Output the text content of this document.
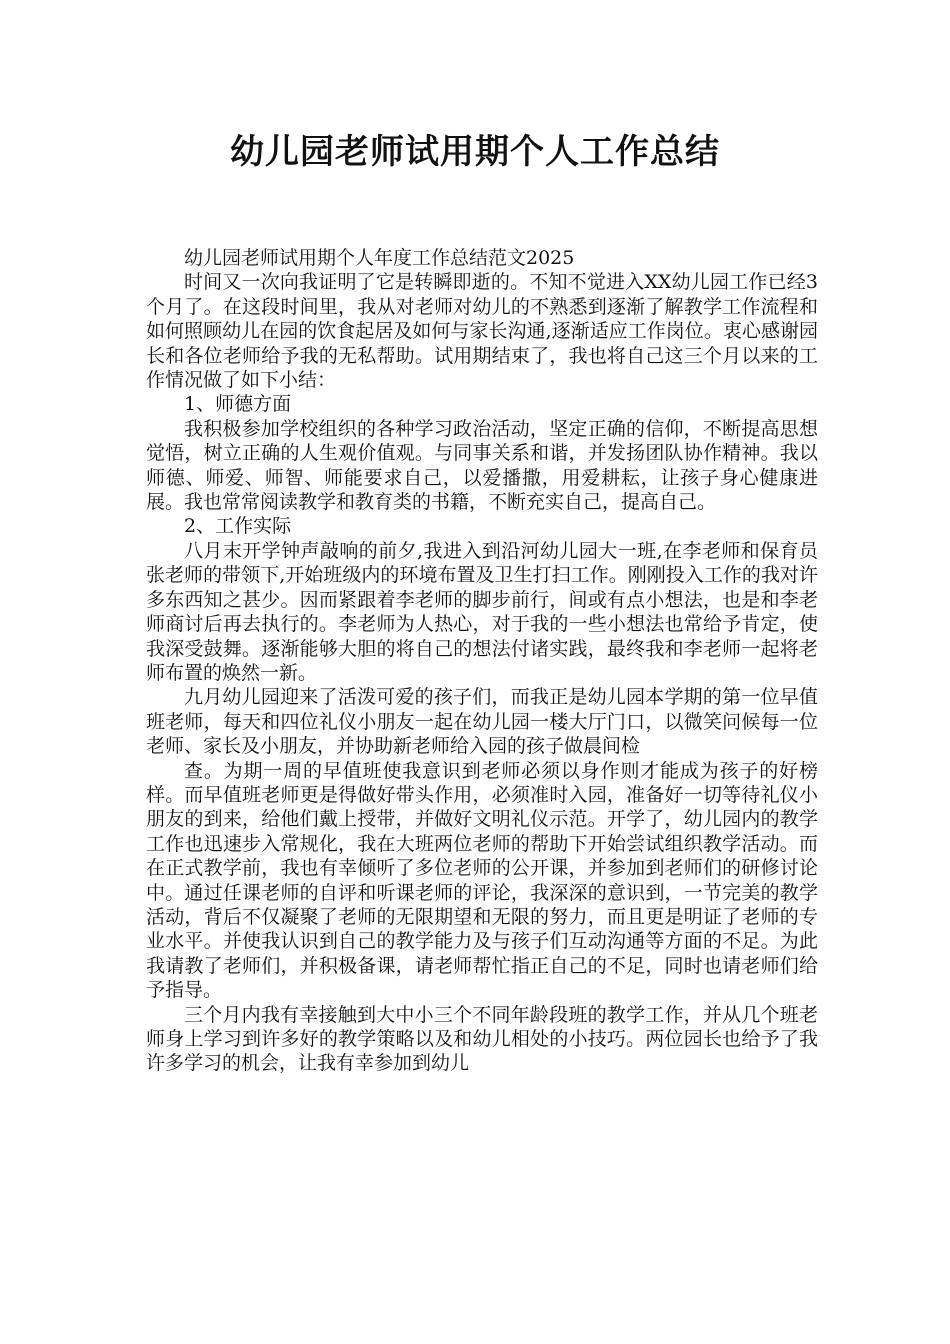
幼儿园老师试用期个人工作总结

幼儿园老师试用期个人年度工作总结范文2025

时间又一次向我证明了它是转瞬即逝的。不知不觉进入XX幼儿园工作已经3个月了。在这段时间里，我从对老师对幼儿的不熟悉到逐渐了解教学工作流程和如何照顾幼儿在园的饮食起居及如何与家长沟通,逐渐适应工作岗位。衷心感谢园长和各位老师给予我的无私帮助。试用期结束了，我也将自己这三个月以来的工作情况做了如下小结：

1、师德方面

我积极参加学校组织的各种学习政治活动，坚定正确的信仰，不断提高思想觉悟，树立正确的人生观价值观。与同事关系和谐，并发扬团队协作精神。我以师德、师爱、师智、师能要求自己，以爱播撒，用爱耕耘，让孩子身心健康进展。我也常常阅读教学和教育类的书籍，不断充实自己，提高自己。

2、工作实际

八月末开学钟声敲响的前夕,我进入到沿河幼儿园大一班,在李老师和保育员张老师的带领下,开始班级内的环境布置及卫生打扫工作。刚刚投入工作的我对许多东西知之甚少。因而紧跟着李老师的脚步前行，间或有点小想法，也是和李老师商讨后再去执行的。李老师为人热心，对于我的一些小想法也常给予肯定，使我深受鼓舞。逐渐能够大胆的将自己的想法付诸实践，最终我和李老师一起将老师布置的焕然一新。

九月幼儿园迎来了活泼可爱的孩子们，而我正是幼儿园本学期的第一位早值班老师，每天和四位礼仪小朋友一起在幼儿园一楼大厅门口，以微笑问候每一位老师、家长及小朋友，并协助新老师给入园的孩子做晨间检

查。为期一周的早值班使我意识到老师必须以身作则才能成为孩子的好榜样。而早值班老师更是得做好带头作用，必须准时入园，准备好一切等待礼仪小朋友的到来，给他们戴上授带，并做好文明礼仪示范。开学了，幼儿园内的教学工作也迅速步入常规化，我在大班两位老师的帮助下开始尝试组织教学活动。而在正式教学前，我也有幸倾听了多位老师的公开课，并参加到老师们的研修讨论中。通过任课老师的自评和听课老师的评论，我深深的意识到，一节完美的教学活动，背后不仅凝聚了老师的无限期望和无限的努力，而且更是明证了老师的专业水平。并使我认识到自己的教学能力及与孩子们互动沟通等方面的不足。为此我请教了老师们，并积极备课，请老师帮忙指正自己的不足，同时也请老师们给予指导。

三个月内我有幸接触到大中小三个不同年龄段班的教学工作，并从几个班老师身上学习到许多好的教学策略以及和幼儿相处的小技巧。两位园长也给予了我许多学习的机会，让我有幸参加到幼儿
